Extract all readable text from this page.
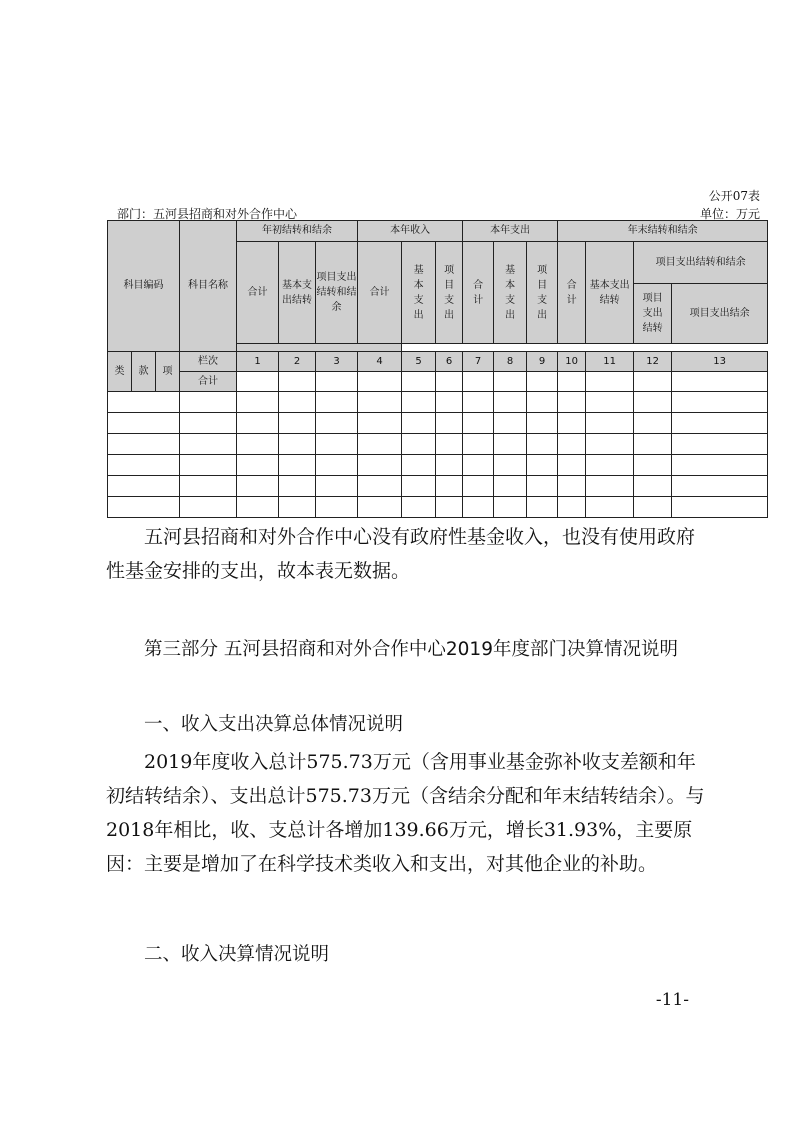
公开07表
部门：五河县招商和对外合作中心	单位：万元
科目编码			科目名称	年初结转和结余			本年收入			本年支出			年末结转和结余			
				合计	基本支出结转	项目支出结转和结余	合计	基本支出	项目支出	合计	基本支出	项目支出	合计	基本支出结转	项目支出结转和结余	
															项目支出结转	项目支出结余

类	款	项	栏次	1	2	3	4	5	6	7	8	9	10	11	12	13
			合计													

五河县招商和对外合作中心没有政府性基金收入，也没有使用政府性基金安排的支出，故本表无数据。
第三部分 五河县招商和对外合作中心2019年度部门决算情况说明
一、收入支出决算总体情况说明
2019年度收入总计575.73万元（含用事业基金弥补收支差额和年初结转结余）、支出总计575.73万元（含结余分配和年末结转结余）。与2018年相比，收、支总计各增加139.66万元，增长31.93%，主要原因：主要是增加了在科学技术类收入和支出，对其他企业的补助。
二、收入决算情况说明
-11-
